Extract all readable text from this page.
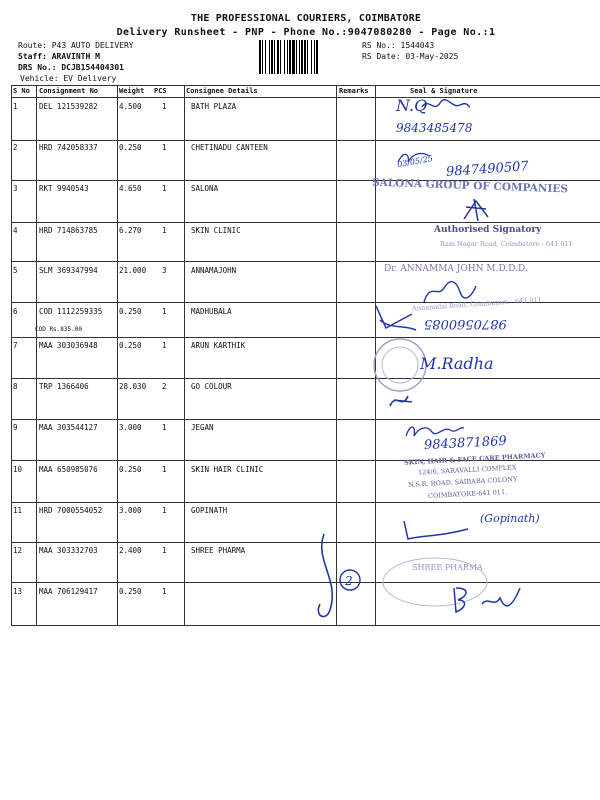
THE PROFESSIONAL COURIERS, COIMBATORE
Delivery Runsheet - PNP - Phone No.:9047080280 - Page No.:1
Route: P43 AUTO DELIVERY
Staff: ARAVINTH M
DRS No.: DCJB154404301
Vehicle: EV Delivery
RS No.: 1544043
RS Date: 03-May-2025
S No Consignment No	Weight PCS	Consignee Details	Remarks	Seal & Signature
1	DEL 121539282	4.500	1	BATH PLAZA
2	HRD 742058337	0.250	1	CHETINADU CANTEEN
3	RKT 9940543	4.650	1	SALONA
4	HRD 714863785	6.270	1	SKIN CLINIC
5	SLM 369347994	21.000 3	ANNAMAJOHN
6	COD 1112259335 0.250	1	MADHUBALA
COD Rs.835.00
7	MAA 303036948	0.250	1	ARUN KARTHIK
8	TRP 1366406	28.030 2	GO COLOUR
9	MAA 303544127	3.000	1	JEGAN
10 MAA 650985076	0.250	1	SKIN HAIR CLINIC
11 HRD 7000554052 3.000	1	GOPINATH
12 MAA 303332703	2.400	1	SHREE PHARMA
13 MAA 706129417	0.250	1
SALONA GROUP OF COMPANIES
Authorised Signatory
Ram Nagar Road, Coimbatore - 641 011
Dr. ANNAMMA JOHN M.D.D.D.
Annamalai Road, Coimbatore - 641 011.
SKIN, HAIR & FACE CARE PHARMACY
124/6, SARAVALLI COMPLEX
N.S.R. ROAD, SAIBABA COLONY
COIMBATORE-641 011.
SHREE PHARMA
N.Q
9843485478
03/05/25 9847490507
9870560085
M.Radha
9843871869
(Gopinath)
2
